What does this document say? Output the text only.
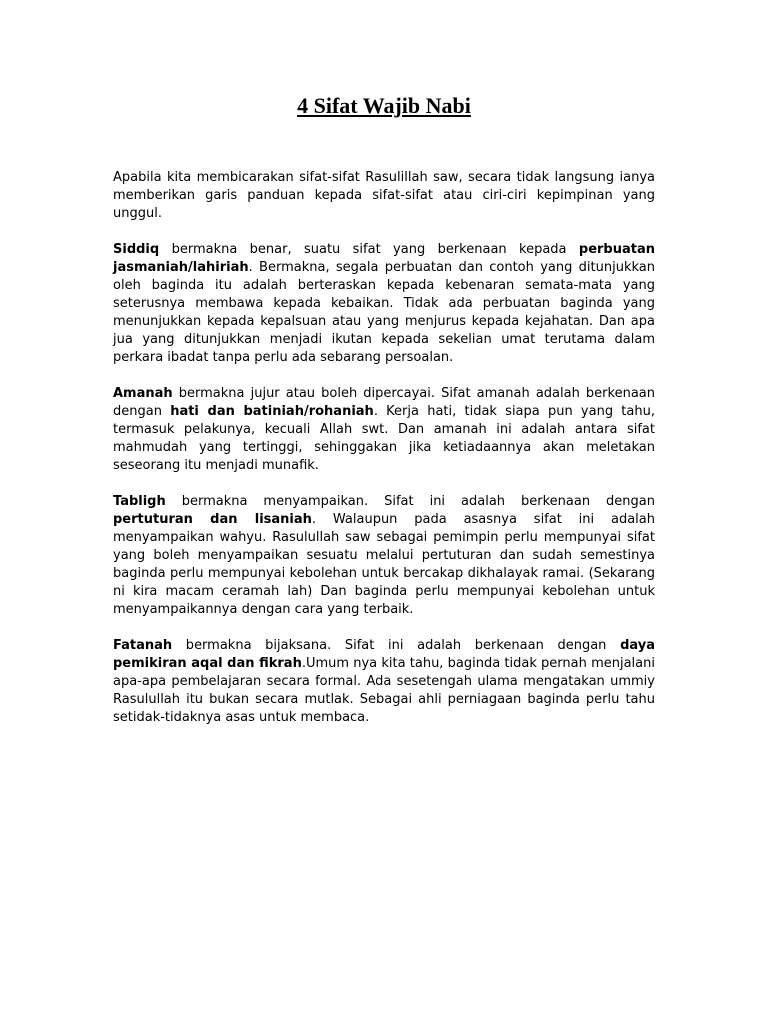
4 Sifat Wajib Nabi

Apabila kita membicarakan sifat-sifat Rasulillah saw, secara tidak langsung ianya memberikan garis panduan kepada sifat-sifat atau ciri-ciri kepimpinan yang unggul.

Siddiq bermakna benar, suatu sifat yang berkenaan kepada perbuatan jasmaniah/lahiriah. Bermakna, segala perbuatan dan contoh yang ditunjukkan oleh baginda itu adalah berteraskan kepada kebenaran semata-mata yang seterusnya membawa kepada kebaikan. Tidak ada perbuatan baginda yang menunjukkan kepada kepalsuan atau yang menjurus kepada kejahatan. Dan apa jua yang ditunjukkan menjadi ikutan kepada sekelian umat terutama dalam perkara ibadat tanpa perlu ada sebarang persoalan.

Amanah bermakna jujur atau boleh dipercayai. Sifat amanah adalah berkenaan dengan hati dan batiniah/rohaniah. Kerja hati, tidak siapa pun yang tahu, termasuk pelakunya, kecuali Allah swt. Dan amanah ini adalah antara sifat mahmudah yang tertinggi, sehinggakan jika ketiadaannya akan meletakan seseorang itu menjadi munafik.

Tabligh bermakna menyampaikan. Sifat ini adalah berkenaan dengan pertuturan dan lisaniah. Walaupun pada asasnya sifat ini adalah menyampaikan wahyu. Rasulullah saw sebagai pemimpin perlu mempunyai sifat yang boleh menyampaikan sesuatu melalui pertuturan dan sudah semestinya baginda perlu mempunyai kebolehan untuk bercakap dikhalayak ramai. (Sekarang ni kira macam ceramah lah) Dan baginda perlu mempunyai kebolehan untuk menyampaikannya dengan cara yang terbaik.

Fatanah bermakna bijaksana. Sifat ini adalah berkenaan dengan daya pemikiran aqal dan fikrah.Umum nya kita tahu, baginda tidak pernah menjalani apa-apa pembelajaran secara formal. Ada sesetengah ulama mengatakan ummiy Rasulullah itu bukan secara mutlak. Sebagai ahli perniagaan baginda perlu tahu setidak-tidaknya asas untuk membaca.
